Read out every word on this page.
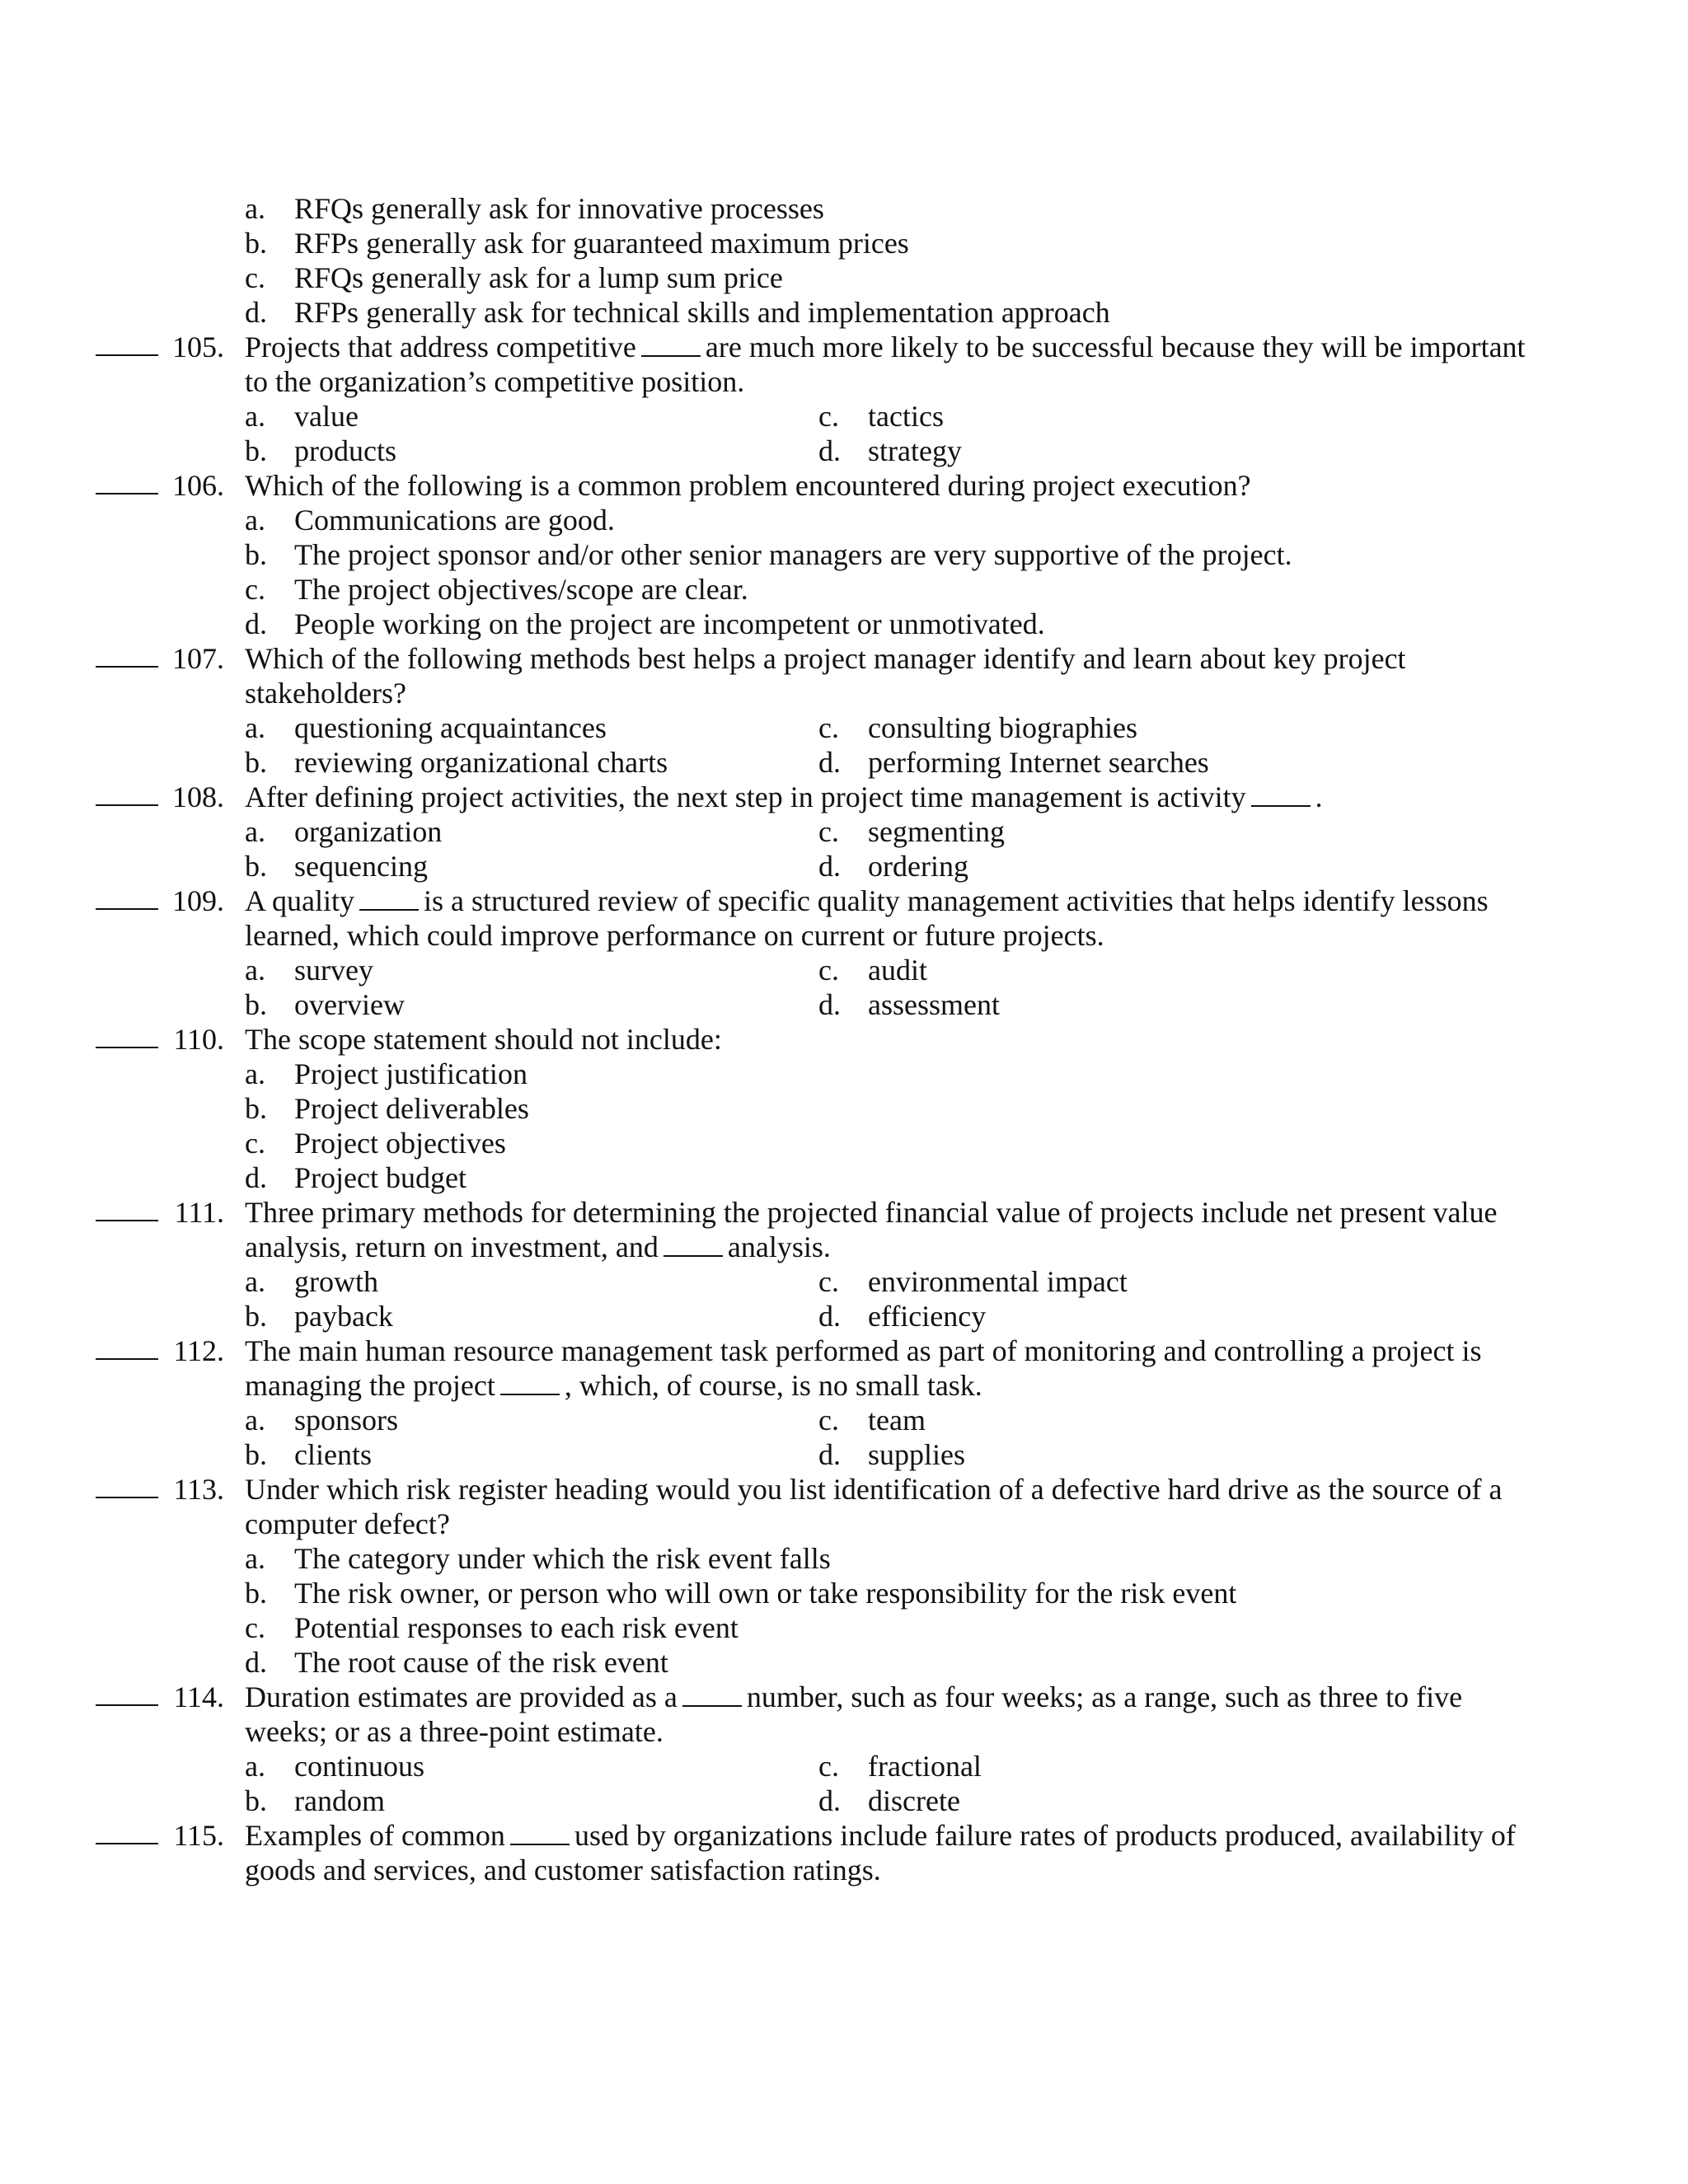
a. RFQs generally ask for innovative processes
b. RFPs generally ask for guaranteed maximum prices
c. RFQs generally ask for a lump sum price
d. RFPs generally ask for technical skills and implementation approach
105. Projects that address competitive are much more likely to be successful because they will be important
to the organization’s competitive position.
a. value	c. tactics
b. products	d. strategy
106. Which of the following is a common problem encountered during project execution?
a. Communications are good.
b. The project sponsor and/or other senior managers are very supportive of the project.
c. The project objectives/scope are clear.
d. People working on the project are incompetent or unmotivated.
107. Which of the following methods best helps a project manager identify and learn about key project
stakeholders?
a. questioning acquaintances	c. consulting biographies
b. reviewing organizational charts	d. performing Internet searches
108. After defining project activities, the next step in project time management is activity .
a. organization	c. segmenting
b. sequencing	d. ordering
109. A quality is a structured review of specific quality management activities that helps identify lessons
learned, which could improve performance on current or future projects.
a. survey	c. audit
b. overview	d. assessment
110. The scope statement should not include:
a. Project justification
b. Project deliverables
c. Project objectives
d. Project budget
111. Three primary methods for determining the projected financial value of projects include net present value
analysis, return on investment, and analysis.
a. growth	c. environmental impact
b. payback	d. efficiency
112. The main human resource management task performed as part of monitoring and controlling a project is
managing the project , which, of course, is no small task.
a. sponsors	c. team
b. clients	d. supplies
113. Under which risk register heading would you list identification of a defective hard drive as the source of a
computer defect?
a. The category under which the risk event falls
b. The risk owner, or person who will own or take responsibility for the risk event
c. Potential responses to each risk event
d. The root cause of the risk event
114. Duration estimates are provided as a number, such as four weeks; as a range, such as three to five
weeks; or as a three-point estimate.
a. continuous	c. fractional
b. random	d. discrete
115. Examples of common used by organizations include failure rates of products produced, availability of
goods and services, and customer satisfaction ratings.
